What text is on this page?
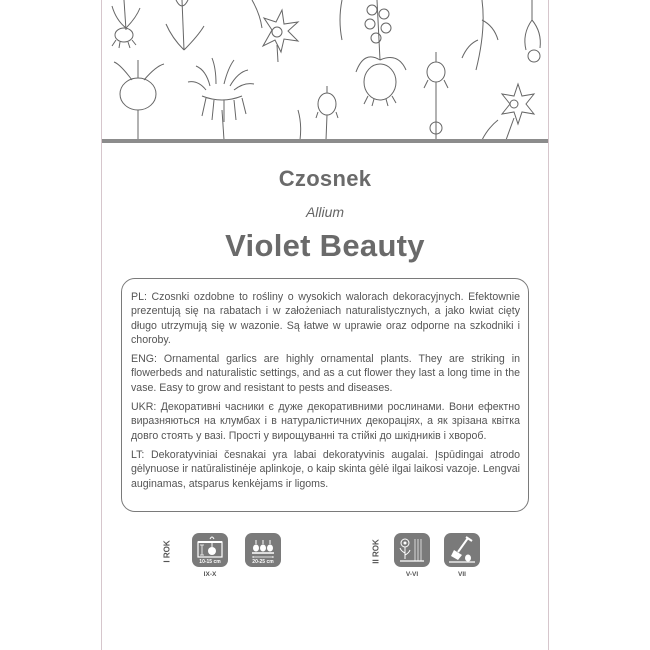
Czosnek
Allium
Violet Beauty

PL: Czosnki ozdobne to rośliny o wysokich walorach dekoracyjnych. Efektownie prezentują się na rabatach i w założeniach naturalistycznych, a jako kwiat cięty długo utrzymują się w wazonie. Są łatwe w uprawie oraz odporne na szkodniki i choroby.

ENG: Ornamental garlics are highly ornamental plants. They are striking in flowerbeds and naturalistic settings, and as a cut flower they last a long time in the vase. Easy to grow and resistant to pests and diseases.

UKR: Декоративні часники є дуже декоративними рослинами. Вони ефектно виразняються на клумбах і в натуралістичних декораціях, а як зрізана квітка довго стоять у вазі. Прості у вирощуванні та стійкі до шкідників і хвороб.

LT: Dekoratyviniai česnakai yra labai dekoratyvinis augalai. Įspūdingai atrodo gėlynuose ir natūralistinėje aplinkoje, o kaip skinta gėlė ilgai laikosi vazoje. Lengvai auginamas, atsparus kenkėjams ir ligoms.

I ROK	10-15 cm
IX-X
20-25 cm	II ROK
V-VI	VII
